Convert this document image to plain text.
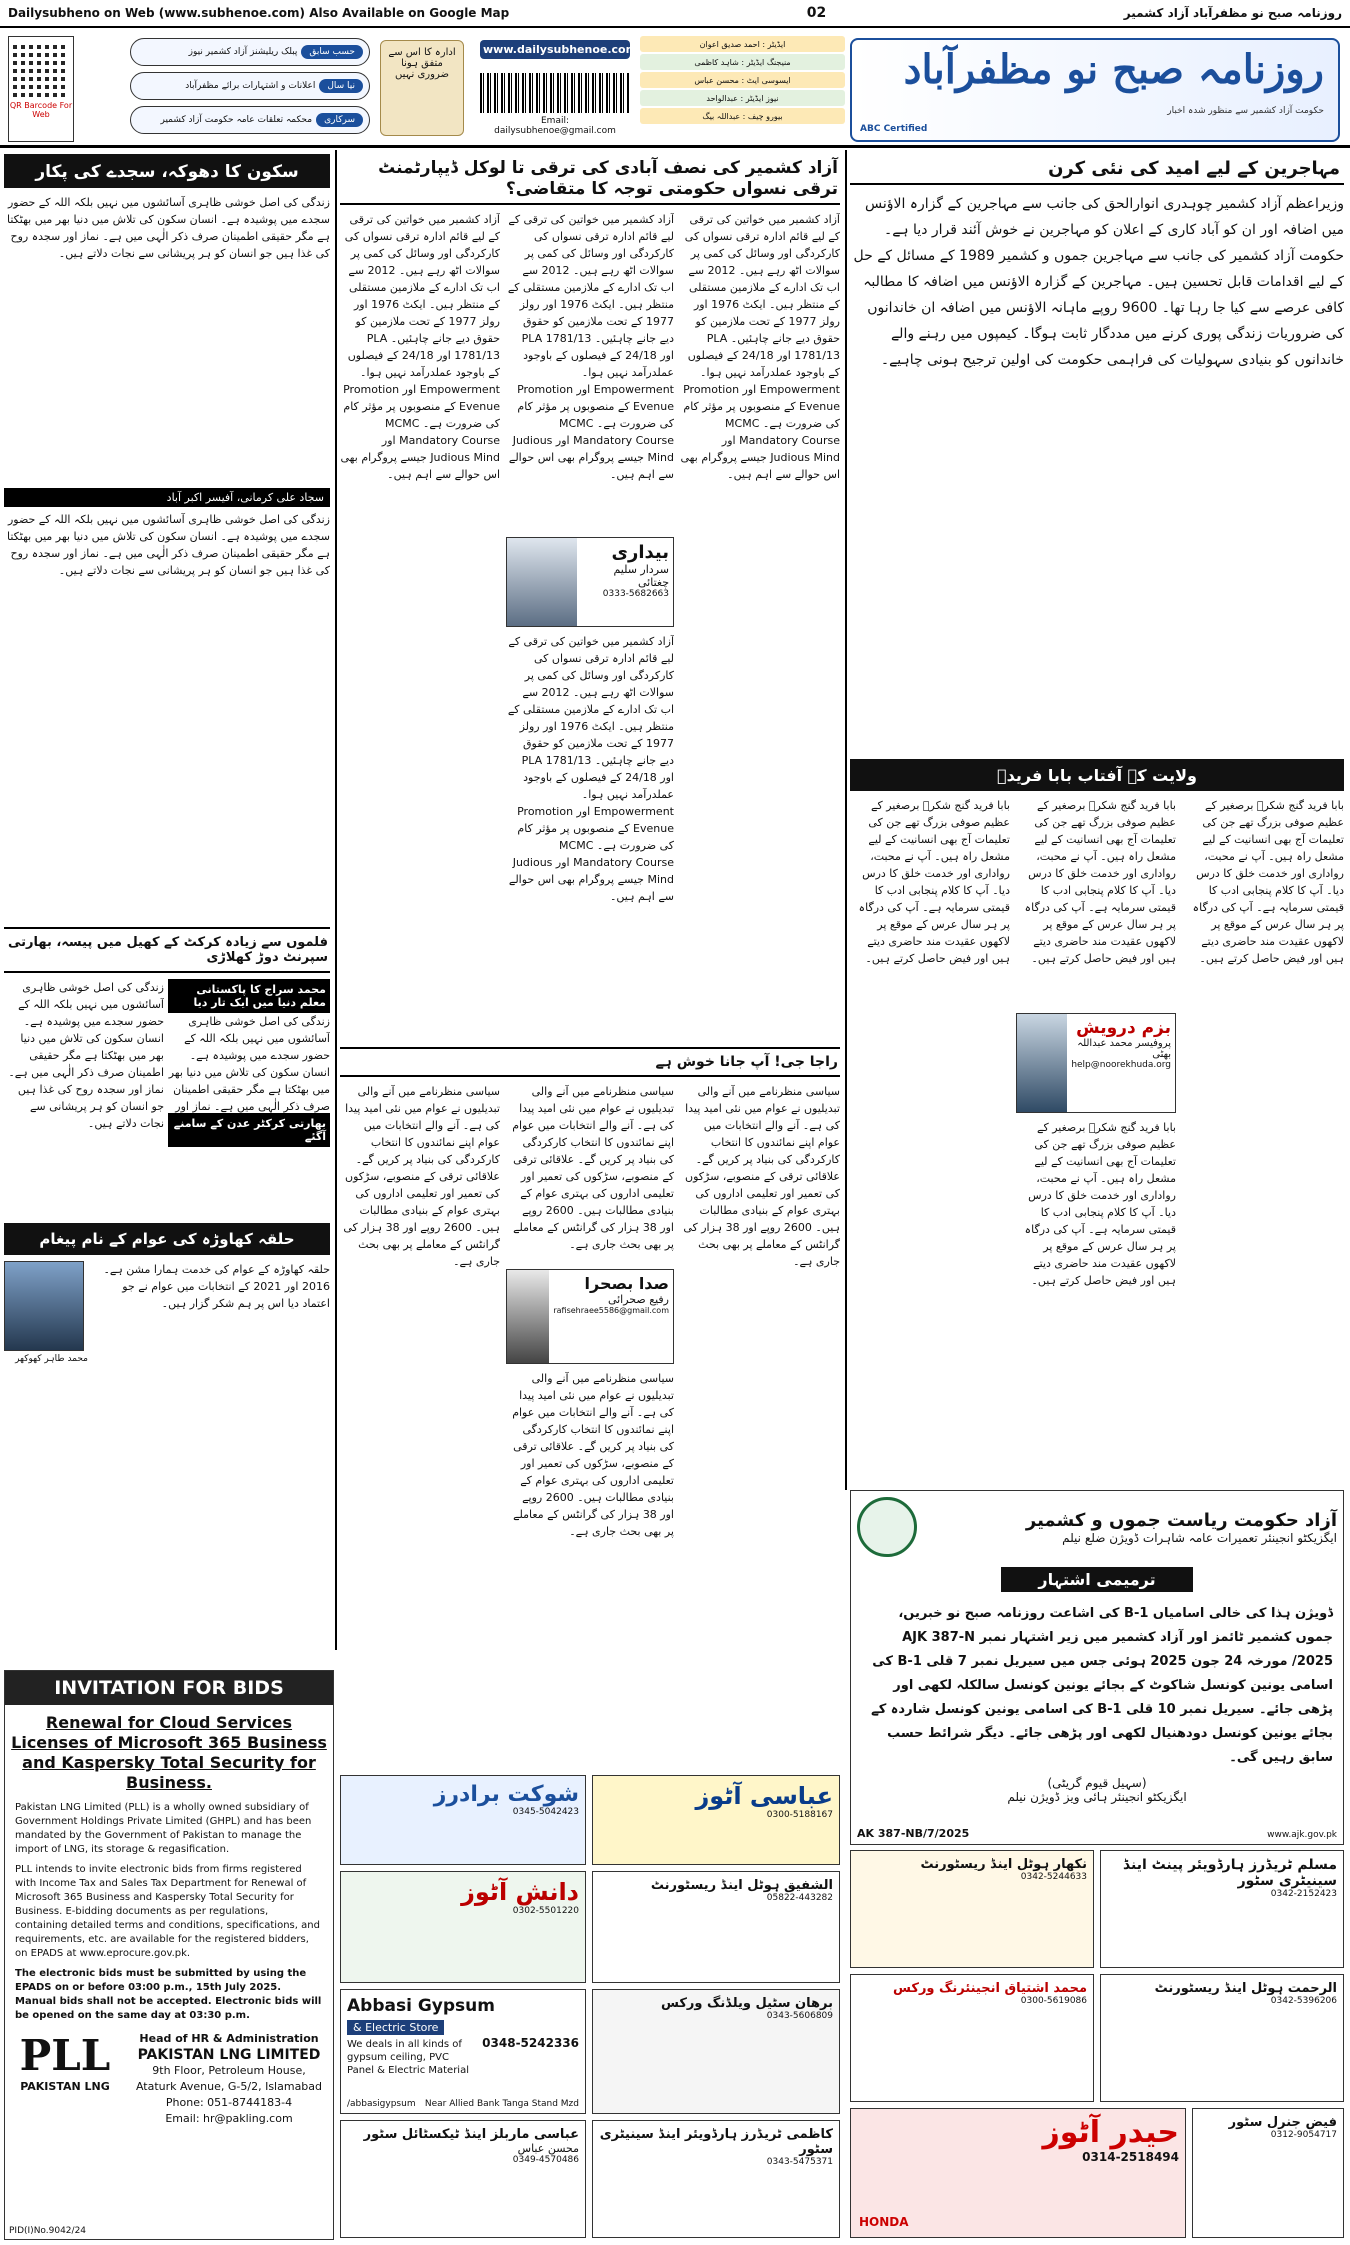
Dailysubheno on Web (www.subhenoe.com) Also Available on Google Map	02	روزنامہ صبح نو مظفرآباد آزاد کشمیر
QR Barcode For Web
حسب سابق
پبلک ریلیشنز آزاد کشمیر نیوز
نیا سال
اعلانات و اشتہارات برائے مظفرآباد
سرکاری
محکمہ تعلقات عامہ حکومت آزاد کشمیر
ادارہ کا اس سے متفق ہونا ضروری نہیں
www.dailysubhenoe.com
Email: dailysubhenoe@gmail.com
ایڈیٹر
:
احمد صدیق اعوان
منیجنگ ایڈیٹر
:
شاہد کاظمی
ایسوسی ایٹ
:
محسن عباس
نیوز ایڈیٹر
:
عبدالواحد
بیورو چیف
:
عبداللہ بیگ
روزنامہ صبح نو مظفرآباد
حکومت آزاد کشمیر سے منظور شدہ اخبار
ABC Certified
سکون کا دھوکہ، سجدے کی پکار
زندگی کی اصل خوشی ظاہری آسائشوں میں نہیں بلکہ اللہ کے حضور سجدے میں پوشیدہ ہے۔ انسان سکون کی تلاش میں دنیا بھر میں بھٹکتا ہے مگر حقیقی اطمینان صرف ذکر الٰہی میں ہے۔ نماز اور سجدہ روح کی غذا ہیں جو انسان کو ہر پریشانی سے نجات دلاتے ہیں۔
سجاد علی کرمانی، آفیسر اکبر آباد
زندگی کی اصل خوشی ظاہری آسائشوں میں نہیں بلکہ اللہ کے حضور سجدے میں پوشیدہ ہے۔ انسان سکون کی تلاش میں دنیا بھر میں بھٹکتا ہے مگر حقیقی اطمینان صرف ذکر الٰہی میں ہے۔ نماز اور سجدہ روح کی غذا ہیں جو انسان کو ہر پریشانی سے نجات دلاتے ہیں۔
فلموں سے زیادہ کرکٹ کے کھیل میں پیسہ، بھارتی سپرنٹ دوڑ کھلاڑی
زندگی کی اصل خوشی ظاہری آسائشوں میں نہیں بلکہ اللہ کے حضور سجدے میں پوشیدہ ہے۔ انسان سکون کی تلاش میں دنیا بھر میں بھٹکتا ہے مگر حقیقی اطمینان صرف ذکر الٰہی میں ہے۔ نماز اور سجدہ روح کی غذا ہیں جو انسان کو ہر پریشانی سے نجات دلاتے ہیں۔
محمد سراج کا پاکستانی معلم دنیا میں ایک تار دیا
زندگی کی اصل خوشی ظاہری آسائشوں میں نہیں بلکہ اللہ کے حضور سجدے میں پوشیدہ ہے۔ انسان سکون کی تلاش میں دنیا بھر میں بھٹکتا ہے مگر حقیقی اطمینان صرف ذکر الٰہی میں ہے۔ نماز اور
بھارتی کرکٹر عدن کے سامنے آگئے
حلقہ کھاوڑہ کی عوام کے نام پیغام
محمد طاہر کھوکھر
حلقہ کھاوڑہ کے عوام کی خدمت ہمارا مشن ہے۔ 2016 اور 2021 کے انتخابات میں عوام نے جو اعتماد دیا اس پر ہم شکر گزار ہیں۔
INVITATION FOR BIDS
Renewal for Cloud Services Licenses of Microsoft 365 Business and Kaspersky Total Security for Business.
Pakistan LNG Limited (PLL) is a wholly owned subsidiary of Government Holdings Private Limited (GHPL) and has been mandated by the Government of Pakistan to manage the import of LNG, its storage & regasification.
PLL intends to invite electronic bids from firms registered with Income Tax and Sales Tax Department for Renewal of Microsoft 365 Business and Kaspersky Total Security for Business. E-bidding documents as per regulations, containing detailed terms and conditions, specifications, and requirements, etc. are available for the registered bidders, on EPADS at www.eprocure.gov.pk.
The electronic bids must be submitted by using the EPADS on or before 03:00 p.m., 15th July 2025. Manual bids shall not be accepted. Electronic bids will be opened on the same day at 03:30 p.m.
PLL
PAKISTAN LNG
Head of HR & Administration
PAKISTAN LNG LIMITED
9th Floor, Petroleum House,
Ataturk Avenue, G-5/2, Islamabad
Phone: 051-8744183-4
Email: hr@pakling.com
PID(I)No.9042/24
آزاد کشمیر کی نصف آبادی کی ترقی تا لوکل ڈیپارٹمنٹ ترقی نسواں حکومتی توجہ کا متقاضی؟
آزاد کشمیر میں خواتین کی ترقی کے لیے قائم ادارہ ترقی نسواں کی کارکردگی اور وسائل کی کمی پر سوالات اٹھ رہے ہیں۔ 2012 سے اب تک ادارے کے ملازمین مستقلی کے منتظر ہیں۔ ایکٹ 1976 اور رولز 1977 کے تحت ملازمین کو حقوق دیے جانے چاہئیں۔ PLA 1781/13 اور 24/18 کے فیصلوں کے باوجود عملدرآمد نہیں ہوا۔ Empowerment اور Promotion Evenue کے منصوبوں پر مؤثر کام کی ضرورت ہے۔ MCMC Mandatory Course اور Judious Mind جیسے پروگرام بھی اس حوالے سے اہم ہیں۔
آزاد کشمیر میں خواتین کی ترقی کے لیے قائم ادارہ ترقی نسواں کی کارکردگی اور وسائل کی کمی پر سوالات اٹھ رہے ہیں۔ 2012 سے اب تک ادارے کے ملازمین مستقلی کے منتظر ہیں۔ ایکٹ 1976 اور رولز 1977 کے تحت ملازمین کو حقوق دیے جانے چاہئیں۔ PLA 1781/13 اور 24/18 کے فیصلوں کے باوجود عملدرآمد نہیں ہوا۔ Empowerment اور Promotion Evenue کے منصوبوں پر مؤثر کام کی ضرورت ہے۔ MCMC Mandatory Course اور Judious Mind جیسے پروگرام بھی اس حوالے سے اہم ہیں۔
بیداری
سردار سلیم چغتائی
0333-5682663
آزاد کشمیر میں خواتین کی ترقی کے لیے قائم ادارہ ترقی نسواں کی کارکردگی اور وسائل کی کمی پر سوالات اٹھ رہے ہیں۔ 2012 سے اب تک ادارے کے ملازمین مستقلی کے منتظر ہیں۔ ایکٹ 1976 اور رولز 1977 کے تحت ملازمین کو حقوق دیے جانے چاہئیں۔ PLA 1781/13 اور 24/18 کے فیصلوں کے باوجود عملدرآمد نہیں ہوا۔ Empowerment اور Promotion Evenue کے منصوبوں پر مؤثر کام کی ضرورت ہے۔ MCMC Mandatory Course اور Judious Mind جیسے پروگرام بھی اس حوالے سے اہم ہیں۔
آزاد کشمیر میں خواتین کی ترقی کے لیے قائم ادارہ ترقی نسواں کی کارکردگی اور وسائل کی کمی پر سوالات اٹھ رہے ہیں۔ 2012 سے اب تک ادارے کے ملازمین مستقلی کے منتظر ہیں۔ ایکٹ 1976 اور رولز 1977 کے تحت ملازمین کو حقوق دیے جانے چاہئیں۔ PLA 1781/13 اور 24/18 کے فیصلوں کے باوجود عملدرآمد نہیں ہوا۔ Empowerment اور Promotion Evenue کے منصوبوں پر مؤثر کام کی ضرورت ہے۔ MCMC Mandatory Course اور Judious Mind جیسے پروگرام بھی اس حوالے سے اہم ہیں۔
راجا جی! آپ جانا خوش ہے
سیاسی منظرنامے میں آنے والی تبدیلیوں نے عوام میں نئی امید پیدا کی ہے۔ آنے والے انتخابات میں عوام اپنے نمائندوں کا انتخاب کارکردگی کی بنیاد پر کریں گے۔ علاقائی ترقی کے منصوبے، سڑکوں کی تعمیر اور تعلیمی اداروں کی بہتری عوام کے بنیادی مطالبات ہیں۔ 2600 روپے اور 38 ہزار کی گرانٹس کے معاملے پر بھی بحث جاری ہے۔
سیاسی منظرنامے میں آنے والی تبدیلیوں نے عوام میں نئی امید پیدا کی ہے۔ آنے والے انتخابات میں عوام اپنے نمائندوں کا انتخاب کارکردگی کی بنیاد پر کریں گے۔ علاقائی ترقی کے منصوبے، سڑکوں کی تعمیر اور تعلیمی اداروں کی بہتری عوام کے بنیادی مطالبات ہیں۔ 2600 روپے اور 38 ہزار کی گرانٹس کے معاملے پر بھی بحث جاری ہے۔
صدا بصحرا
رفیع صحرائی
rafisehraee5586@gmail.com
سیاسی منظرنامے میں آنے والی تبدیلیوں نے عوام میں نئی امید پیدا کی ہے۔ آنے والے انتخابات میں عوام اپنے نمائندوں کا انتخاب کارکردگی کی بنیاد پر کریں گے۔ علاقائی ترقی کے منصوبے، سڑکوں کی تعمیر اور تعلیمی اداروں کی بہتری عوام کے بنیادی مطالبات ہیں۔ 2600 روپے اور 38 ہزار کی گرانٹس کے معاملے پر بھی بحث جاری ہے۔
سیاسی منظرنامے میں آنے والی تبدیلیوں نے عوام میں نئی امید پیدا کی ہے۔ آنے والے انتخابات میں عوام اپنے نمائندوں کا انتخاب کارکردگی کی بنیاد پر کریں گے۔ علاقائی ترقی کے منصوبے، سڑکوں کی تعمیر اور تعلیمی اداروں کی بہتری عوام کے بنیادی مطالبات ہیں۔ 2600 روپے اور 38 ہزار کی گرانٹس کے معاملے پر بھی بحث جاری ہے۔
مہاجرین کے لیے امید کی نئی کرن
وزیراعظم آزاد کشمیر چوہدری انوارالحق کی جانب سے مہاجرین کے گزارہ الاؤنس میں اضافہ اور ان کو آباد کاری کے اعلان کو مہاجرین نے خوش آئند قرار دیا ہے۔ حکومت آزاد کشمیر کی جانب سے مہاجرین جموں و کشمیر 1989 کے مسائل کے حل کے لیے اقدامات قابل تحسین ہیں۔ مہاجرین کے گزارہ الاؤنس میں اضافہ کا مطالبہ کافی عرصے سے کیا جا رہا تھا۔ 9600 روپے ماہانہ الاؤنس میں اضافہ ان خاندانوں کی ضروریات زندگی پوری کرنے میں مددگار ثابت ہوگا۔ کیمپوں میں رہنے والے خاندانوں کو بنیادی سہولیات کی فراہمی حکومت کی اولین ترجیح ہونی چاہیے۔
ولایت کے آفتاب بابا فریدؒ
بابا فرید گنج شکرؒ برصغیر کے عظیم صوفی بزرگ تھے جن کی تعلیمات آج بھی انسانیت کے لیے مشعل راہ ہیں۔ آپ نے محبت، رواداری اور خدمت خلق کا درس دیا۔ آپ کا کلام پنجابی ادب کا قیمتی سرمایہ ہے۔ آپ کی درگاہ پر ہر سال عرس کے موقع پر لاکھوں عقیدت مند حاضری دیتے ہیں اور فیض حاصل کرتے ہیں۔
بابا فرید گنج شکرؒ برصغیر کے عظیم صوفی بزرگ تھے جن کی تعلیمات آج بھی انسانیت کے لیے مشعل راہ ہیں۔ آپ نے محبت، رواداری اور خدمت خلق کا درس دیا۔ آپ کا کلام پنجابی ادب کا قیمتی سرمایہ ہے۔ آپ کی درگاہ پر ہر سال عرس کے موقع پر لاکھوں عقیدت مند حاضری دیتے ہیں اور فیض حاصل کرتے ہیں۔
بزم درویش
پروفیسر محمد عبداللہ بھٹی
help@noorekhuda.org
بابا فرید گنج شکرؒ برصغیر کے عظیم صوفی بزرگ تھے جن کی تعلیمات آج بھی انسانیت کے لیے مشعل راہ ہیں۔ آپ نے محبت، رواداری اور خدمت خلق کا درس دیا۔ آپ کا کلام پنجابی ادب کا قیمتی سرمایہ ہے۔ آپ کی درگاہ پر ہر سال عرس کے موقع پر لاکھوں عقیدت مند حاضری دیتے ہیں اور فیض حاصل کرتے ہیں۔
بابا فرید گنج شکرؒ برصغیر کے عظیم صوفی بزرگ تھے جن کی تعلیمات آج بھی انسانیت کے لیے مشعل راہ ہیں۔ آپ نے محبت، رواداری اور خدمت خلق کا درس دیا۔ آپ کا کلام پنجابی ادب کا قیمتی سرمایہ ہے۔ آپ کی درگاہ پر ہر سال عرس کے موقع پر لاکھوں عقیدت مند حاضری دیتے ہیں اور فیض حاصل کرتے ہیں۔
آزاد حکومت ریاست جموں و کشمیر
ایگزیکٹو انجینئر تعمیرات عامہ شاہرات ڈویژن ضلع نیلم
ترمیمی اشتہار
ڈویژن ہذا کی خالی اسامیاں B-1 کی اشاعت روزنامہ صبح نو خبریں، جموں کشمیر ٹائمز اور آزاد کشمیر میں زیر اشتہار نمبر AJK 387-N 2025/ مورخہ 24 جون 2025 ہوئی جس میں سیریل نمبر 7 قلی B-1 کی اسامی یونین کونسل شاکوٹ کے بجائے یونین کونسل سالکلہ لکھی اور پڑھی جائے۔ سیریل نمبر 10 قلی B-1 کی اسامی یونین کونسل شاردہ کے بجائے یونین کونسل دودھنیال لکھی اور پڑھی جائے۔ دیگر شرائط حسب سابق رہیں گی۔
(سہیل قیوم گریٹی)
ایگزیکٹو انجینئر ہائی ویز ڈویژن نیلم
AK 387-NB/7/2025	www.ajk.gov.pk
شوکت برادرز
0345-5042423
عباسی آٹوز
0300-5188167
دانش آٹوز
0302-5501220
الشفیق ہوٹل اینڈ ریسٹورنٹ
05822-443282
Abbasi Gypsum
& Electric Store
We deals in all kinds of gypsum ceiling, PVC Panel & Electric Material
0348-5242336
/abbasigypsum Near Allied Bank Tanga Stand Mzd
برھان سٹیل ویلڈنگ ورکس
0343-5606809
عباسی ماربلز اینڈ ٹیکسٹائل سٹور
محسن عباس
0349-4570486
کاظمی ٹریڈرز ہارڈویئر اینڈ سینیٹری سٹور
0343-5475371
مسلم ٹریڈرز ہارڈویئر پینٹ اینڈ سینیٹری سٹور
0342-2152423
نکھار ہوٹل اینڈ ریسٹورنٹ
0342-5244633
الرحمت ہوٹل اینڈ ریسٹورنٹ
0342-5396206
محمد اشتیاق انجینئرنگ ورکس
0300-5619086
حیدر آٹوز
0314-2518494
HONDA
فیض جنرل سٹور
0312-9054717
